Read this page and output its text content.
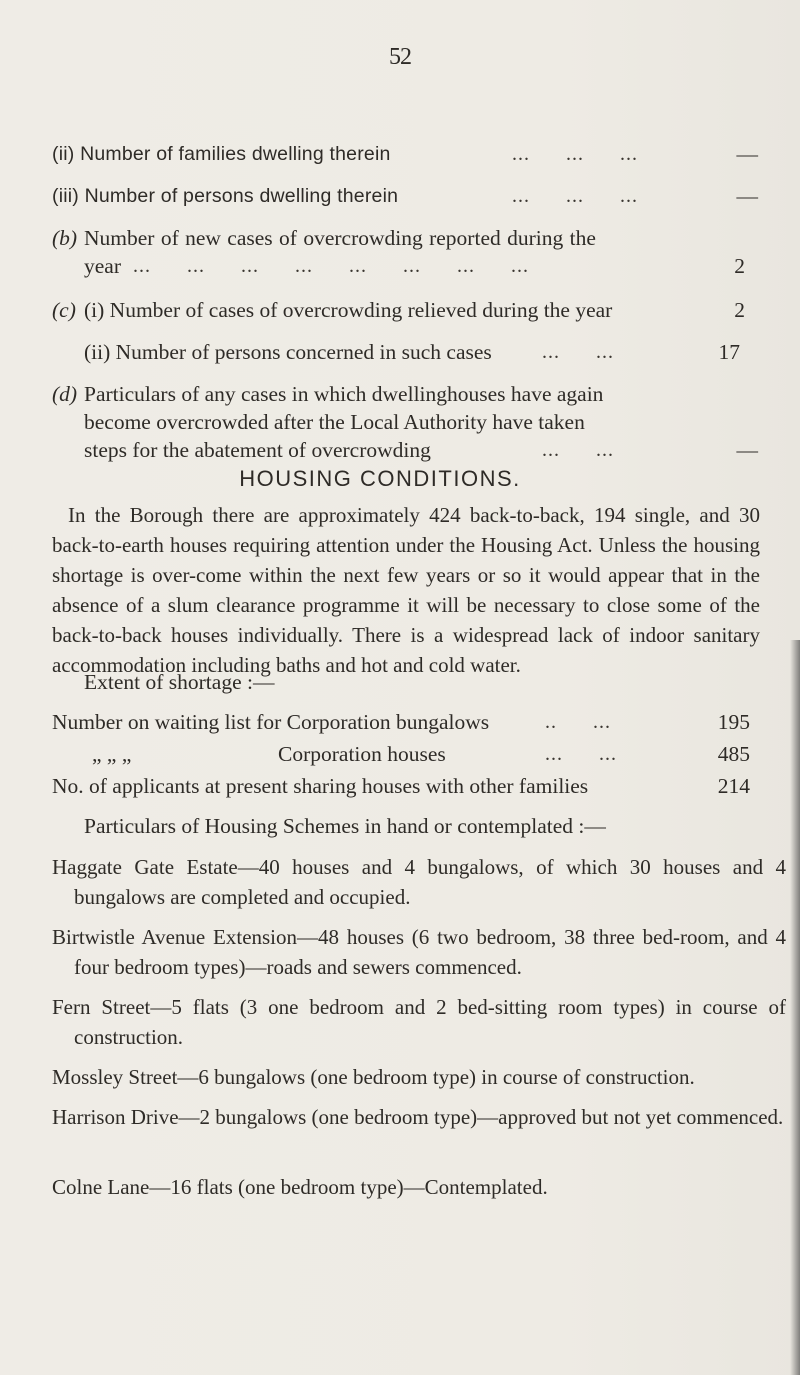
52
(ii) Number of families dwelling therein	...      ...      ...	—
(iii) Number of persons dwelling therein	...      ...      ...	—
(b) Number of new cases of overcrowding reported during the
year ...      ...      ...      ...      ...      ...      ...      ...	2
(c) (i) Number of cases of overcrowding relieved during the year	2
(ii) Number of persons concerned in such cases	...      ...	17
(d) Particulars of any cases in which dwellinghouses have again
become overcrowded after the Local Authority have taken
steps for the abatement of overcrowding	...      ...	—
HOUSING CONDITIONS.

In the Borough there are approximately 424 back-to-back, 194 single, and 30 back-to-earth houses requiring attention under the Housing Act. Unless the housing shortage is over-come within the next few years or so it would appear that in the absence of a slum clearance programme it will be necessary to close some of the back-to-back houses individually. There is a widespread lack of indoor sanitary accommodation including baths and hot and cold water.

Extent of shortage :—
Number on waiting list for Corporation bungalows	..      ...	195
„ „ „	Corporation houses	...      ...	485
No. of applicants at present sharing houses with other families	214
Particulars of Housing Schemes in hand or contemplated :—

Haggate Gate Estate—40 houses and 4 bungalows, of which 30 houses and 4 bungalows are completed and occupied.

Birtwistle Avenue Extension—48 houses (6 two bedroom, 38 three bed-room, and 4 four bedroom types)—roads and sewers commenced.

Fern Street—5 flats (3 one bedroom and 2 bed-sitting room types) in course of construction.

Mossley Street—6 bungalows (one bedroom type) in course of construction.

Harrison Drive—2 bungalows (one bedroom type)—approved but not yet commenced.

Colne Lane—16 flats (one bedroom type)—Contemplated.
